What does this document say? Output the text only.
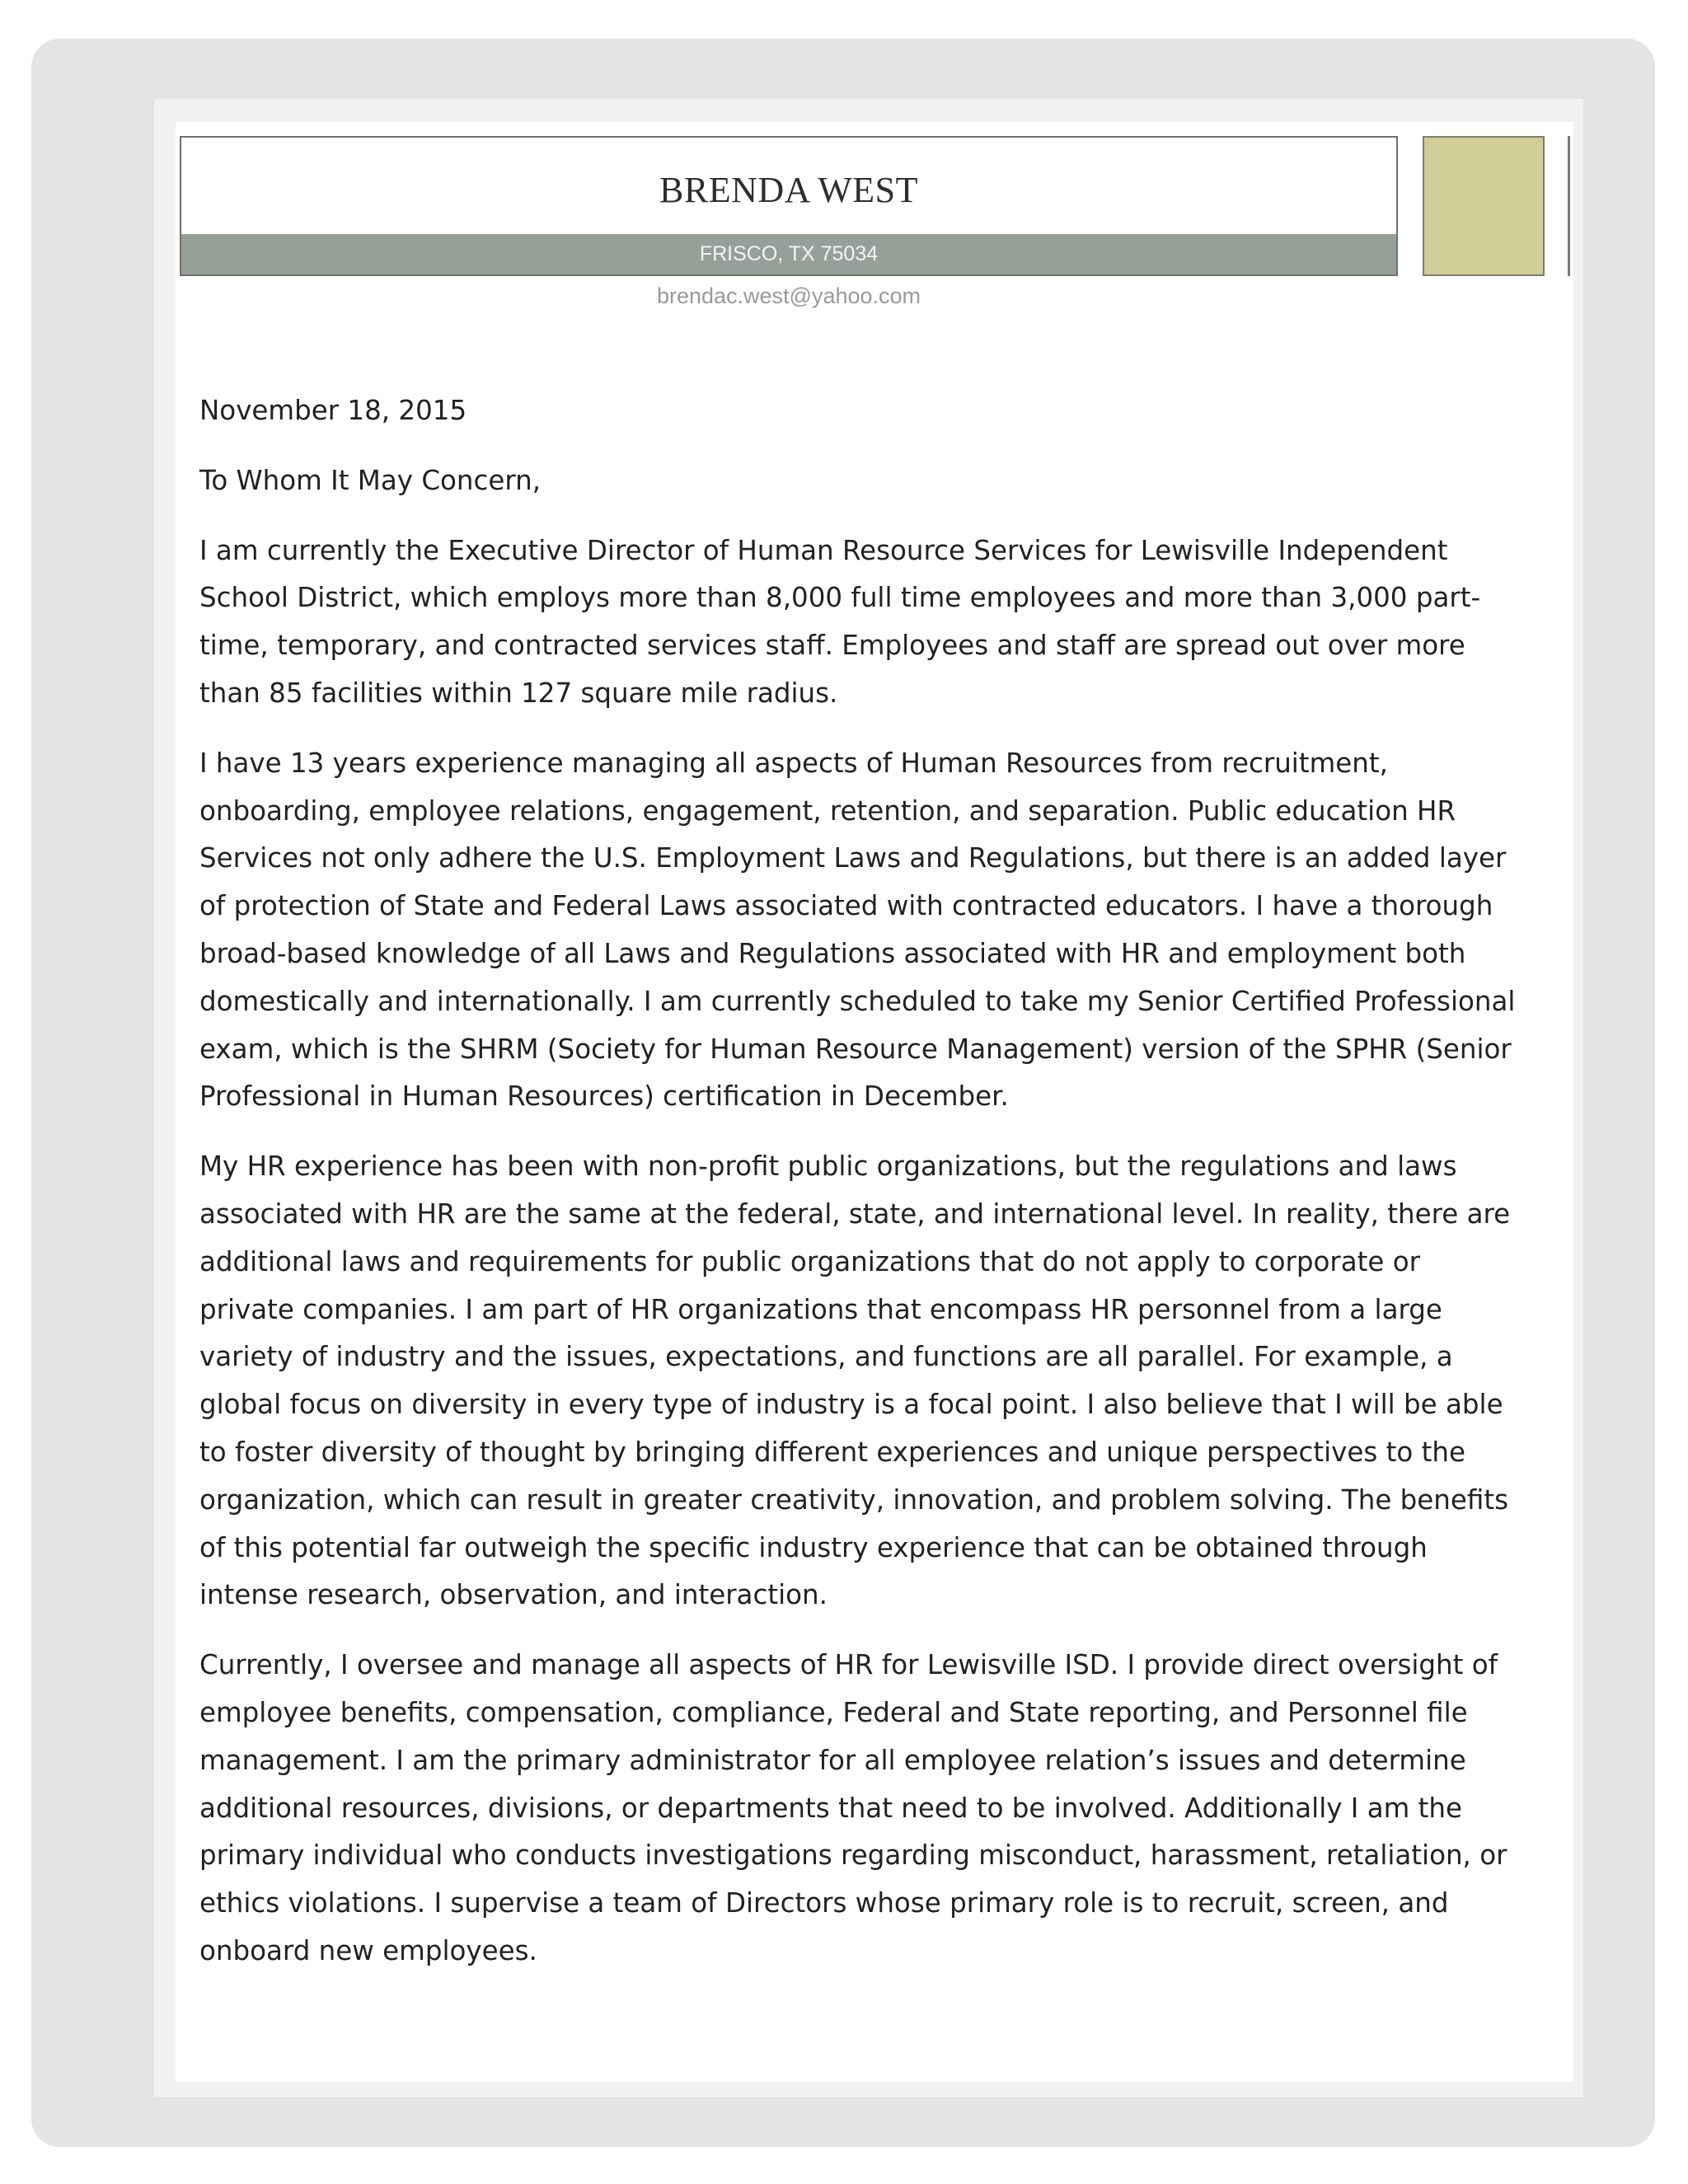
BRENDA WEST
FRISCO, TX 75034
brendac.west@yahoo.com

November 18, 2015

To Whom It May Concern,

I am currently the Executive Director of Human Resource Services for Lewisville Independent School District, which employs more than 8,000 full time employees and more than 3,000 part-time, temporary, and contracted services staff. Employees and staff are spread out over more than 85 facilities within 127 square mile radius.

I have 13 years experience managing all aspects of Human Resources from recruitment, onboarding, employee relations, engagement, retention, and separation. Public education HR Services not only adhere the U.S. Employment Laws and Regulations, but there is an added layer of protection of State and Federal Laws associated with contracted educators. I have a thorough broad-based knowledge of all Laws and Regulations associated with HR and employment both domestically and internationally. I am currently scheduled to take my Senior Certified Professional exam, which is the SHRM (Society for Human Resource Management) version of the SPHR (Senior Professional in Human Resources) certification in December.

My HR experience has been with non-profit public organizations, but the regulations and laws associated with HR are the same at the federal, state, and international level. In reality, there are additional laws and requirements for public organizations that do not apply to corporate or private companies. I am part of HR organizations that encompass HR personnel from a large variety of industry and the issues, expectations, and functions are all parallel. For example, a global focus on diversity in every type of industry is a focal point. I also believe that I will be able to foster diversity of thought by bringing different experiences and unique perspectives to the organization, which can result in greater creativity, innovation, and problem solving. The benefits of this potential far outweigh the specific industry experience that can be obtained through intense research, observation, and interaction.

Currently, I oversee and manage all aspects of HR for Lewisville ISD. I provide direct oversight of employee benefits, compensation, compliance, Federal and State reporting, and Personnel file management. I am the primary administrator for all employee relation’s issues and determine additional resources, divisions, or departments that need to be involved. Additionally I am the primary individual who conducts investigations regarding misconduct, harassment, retaliation, or ethics violations. I supervise a team of Directors whose primary role is to recruit, screen, and onboard new employees.
